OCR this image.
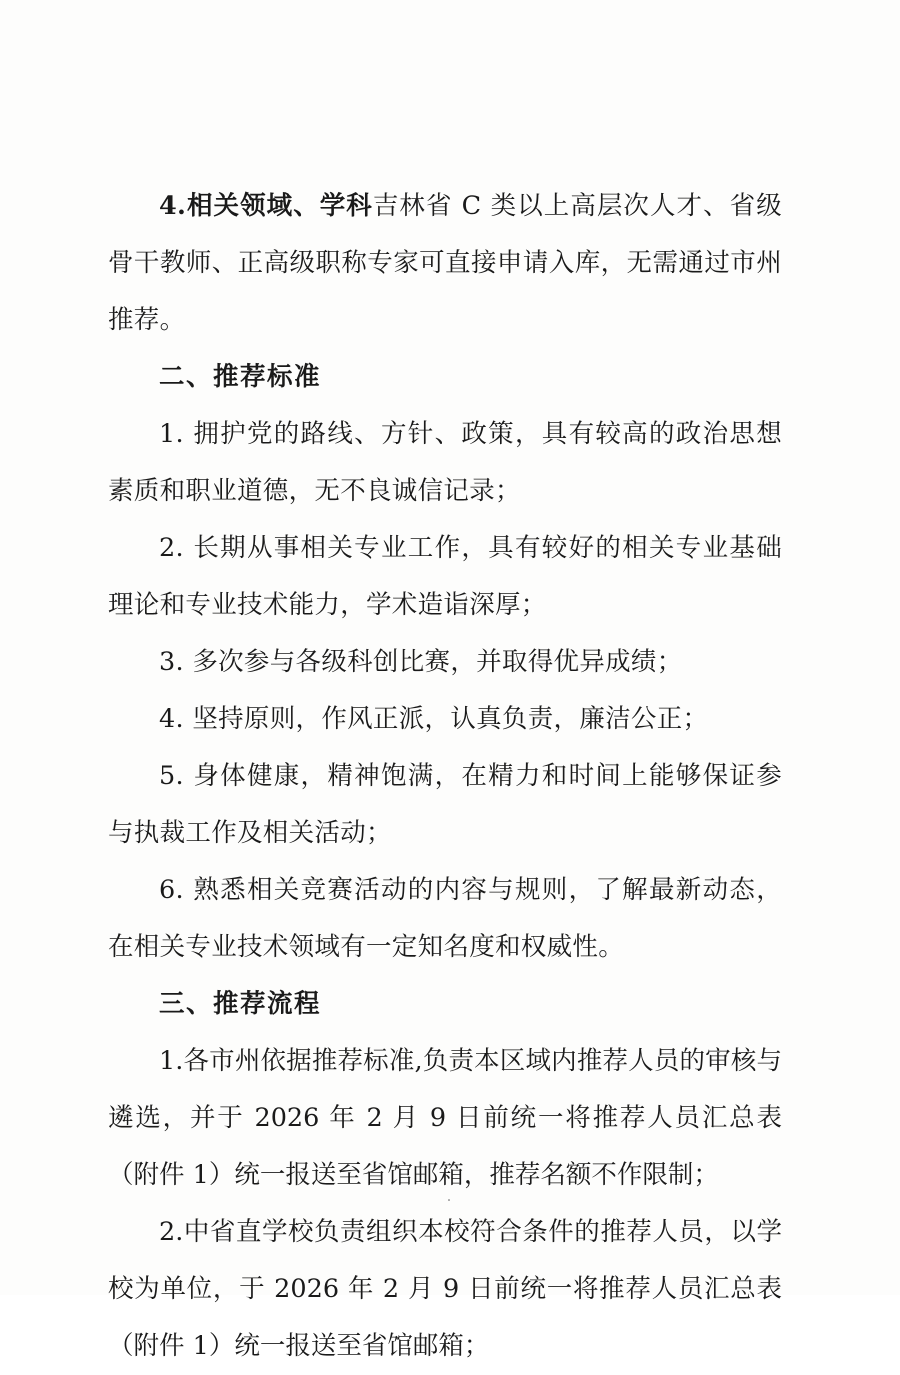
4.相关领域、学科吉林省 C 类以上高层次人才、省级骨干教师、正高级职称专家可直接申请入库，无需通过市州推荐。

二、推荐标准

1. 拥护党的路线、方针、政策，具有较高的政治思想素质和职业道德，无不良诚信记录；

2. 长期从事相关专业工作，具有较好的相关专业基础理论和专业技术能力，学术造诣深厚；

3. 多次参与各级科创比赛，并取得优异成绩；

4. 坚持原则，作风正派，认真负责，廉洁公正；

5. 身体健康，精神饱满，在精力和时间上能够保证参与执裁工作及相关活动；

6. 熟悉相关竞赛活动的内容与规则，了解最新动态，在相关专业技术领域有一定知名度和权威性。

三、推荐流程

1.各市州依据推荐标准,负责本区域内推荐人员的审核与遴选，并于 2026 年 2 月 9 日前统一将推荐人员汇总表（附件 1）统一报送至省馆邮箱，推荐名额不作限制；

2.中省直学校负责组织本校符合条件的推荐人员，以学校为单位，于 2026 年 2 月 9 日前统一将推荐人员汇总表（附件 1）统一报送至省馆邮箱；

·
